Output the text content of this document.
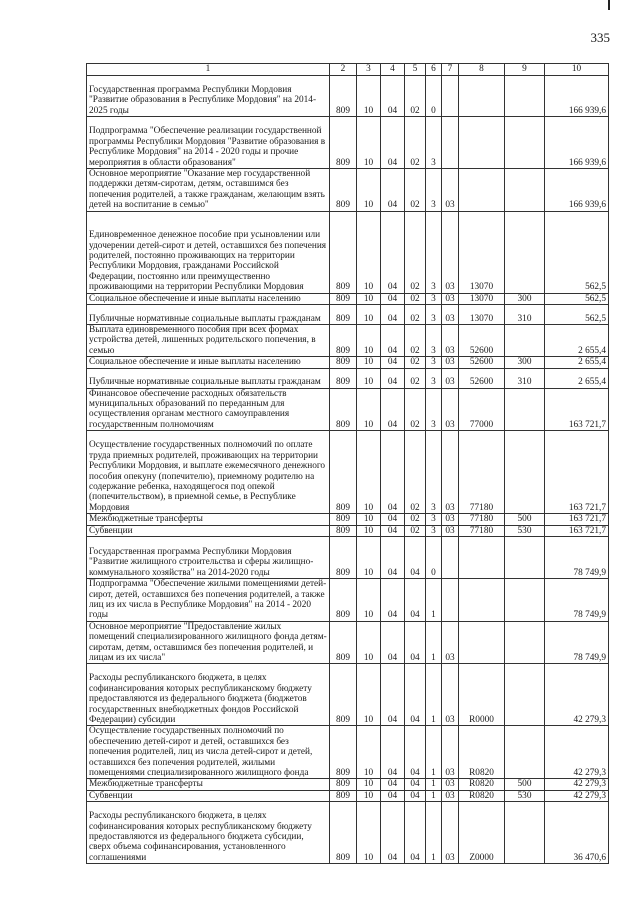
335
1	2	3	4	5	6	7	8	9	10
Государственная программа Республики Мордовия "Развитие образования в Республике Мордовия" на 2014-2025 годы	809	10	04	02	0				166 939,6
Подпрограмма "Обеспечение реализации государственной программы Республики Мордовия "Развитие образования в Республике Мордовия" на 2014 - 2020 годы и прочие мероприятия в области образования"	809	10	04	02	3				166 939,6
Основное мероприятие "Оказание мер государственной поддержки детям-сиротам, детям, оставшимся без попечения родителей, а также гражданам, желающим взять детей на воспитание в семью"	809	10	04	02	3	03			166 939,6
Единовременное денежное пособие при усыновлении или удочерении детей-сирот и детей, оставшихся без попечения родителей, постоянно проживающих на территории Республики Мордовия, гражданами Российской Федерации, постоянно или преимущественно проживающими на территории Республики Мордовия	809	10	04	02	3	03	13070		562,5
Социальное обеспечение и иные выплаты населению	809	10	04	02	3	03	13070	300	562,5
Публичные нормативные социальные выплаты гражданам	809	10	04	02	3	03	13070	310	562,5
Выплата единовременного пособия при всех формах устройства детей, лишенных родительского попечения, в семью	809	10	04	02	3	03	52600		2 655,4
Социальное обеспечение и иные выплаты населению	809	10	04	02	3	03	52600	300	2 655,4
Публичные нормативные социальные выплаты гражданам	809	10	04	02	3	03	52600	310	2 655,4
Финансовое обеспечение расходных обязательств муниципальных образований по переданным для осуществления органам местного самоуправления государственным полномочиям	809	10	04	02	3	03	77000		163 721,7
Осуществление государственных полномочий по оплате труда приемных родителей, проживающих на территории Республики Мордовия, и выплате ежемесячного денежного пособия опекуну (попечителю), приемному родителю на содержание ребенка, находящегося под опекой (попечительством), в приемной семье, в Республике Мордовия	809	10	04	02	3	03	77180		163 721,7
Межбюджетные трансферты	809	10	04	02	3	03	77180	500	163 721,7
Субвенции	809	10	04	02	3	03	77180	530	163 721,7
Государственная программа Республики Мордовия "Развитие жилищного строительства и сферы жилищно-коммунального хозяйства" на 2014-2020 годы	809	10	04	04	0				78 749,9
Подпрограмма "Обеспечение жилыми помещениями детей-сирот, детей, оставшихся без попечения родителей, а также лиц из их числа в Республике Мордовия" на 2014 - 2020 годы	809	10	04	04	1				78 749,9
Основное мероприятие "Предоставление жилых помещений специализированного жилищного фонда детям-сиротам, детям, оставшимся без попечения родителей, и лицам из их числа"	809	10	04	04	1	03			78 749,9
Расходы республиканского бюджета, в целях софинансирования которых республиканскому бюджету предоставляются из федерального бюджета (бюджетов государственных внебюджетных фондов Российской Федерации) субсидии	809	10	04	04	1	03	R0000		42 279,3
Осуществление государственных полномочий по обеспечению детей-сирот и детей, оставшихся без попечения родителей, лиц из числа детей-сирот и детей, оставшихся без попечения родителей, жилыми помещениями специализированного жилищного фонда	809	10	04	04	1	03	R0820		42 279,3
Межбюджетные трансферты	809	10	04	04	1	03	R0820	500	42 279,3
Субвенции	809	10	04	04	1	03	R0820	530	42 279,3
Расходы республиканского бюджета, в целях софинансирования которых республиканскому бюджету предоставляются из федерального бюджета субсидии, сверх объема софинансирования, установленного соглашениями	809	10	04	04	1	03	Z0000		36 470,6
